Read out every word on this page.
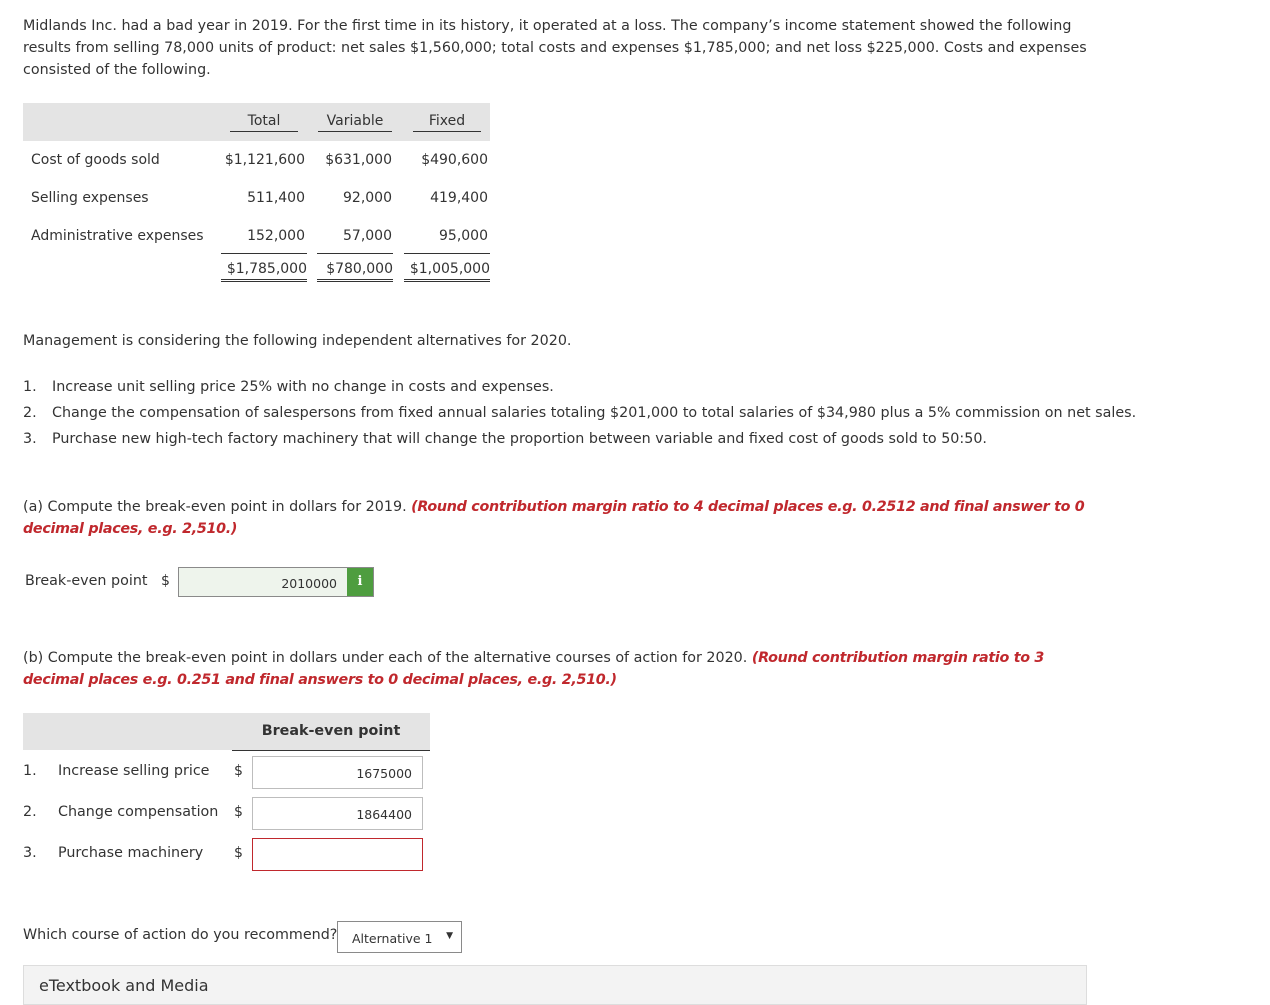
Midlands Inc. had a bad year in 2019. For the first time in its history, it operated at a loss. The company’s income statement showed the following results from selling 78,000 units of product: net sales $1,560,000; total costs and expenses $1,785,000; and net loss $225,000. Costs and expenses consisted of the following.
Total	Variable	Fixed
Cost of goods sold	$1,121,600	$631,000	$490,600
Selling expenses	511,400	92,000	419,400
Administrative expenses	152,000	57,000	95,000
$1,785,000	$780,000	$1,005,000
Management is considering the following independent alternatives for 2020.
1. Increase unit selling price 25% with no change in costs and expenses.
2. Change the compensation of salespersons from fixed annual salaries totaling $201,000 to total salaries of $34,980 plus a 5% commission on net sales.
3. Purchase new high-tech factory machinery that will change the proportion between variable and fixed cost of goods sold to 50:50.
(a) Compute the break-even point in dollars for 2019. (Round contribution margin ratio to 4 decimal places e.g. 0.2512 and final answer to 0 decimal places, e.g. 2,510.)
Break-even point $	2010000	i
(b) Compute the break-even point in dollars under each of the alternative courses of action for 2020. (Round contribution margin ratio to 3 decimal places e.g. 0.251 and final answers to 0 decimal places, e.g. 2,510.)
Break-even point
1. Increase selling price $	1675000
2. Change compensation $	1864400
3. Purchase machinery $
Which course of action do you recommend? Alternative 1 ▼
eTextbook and Media
